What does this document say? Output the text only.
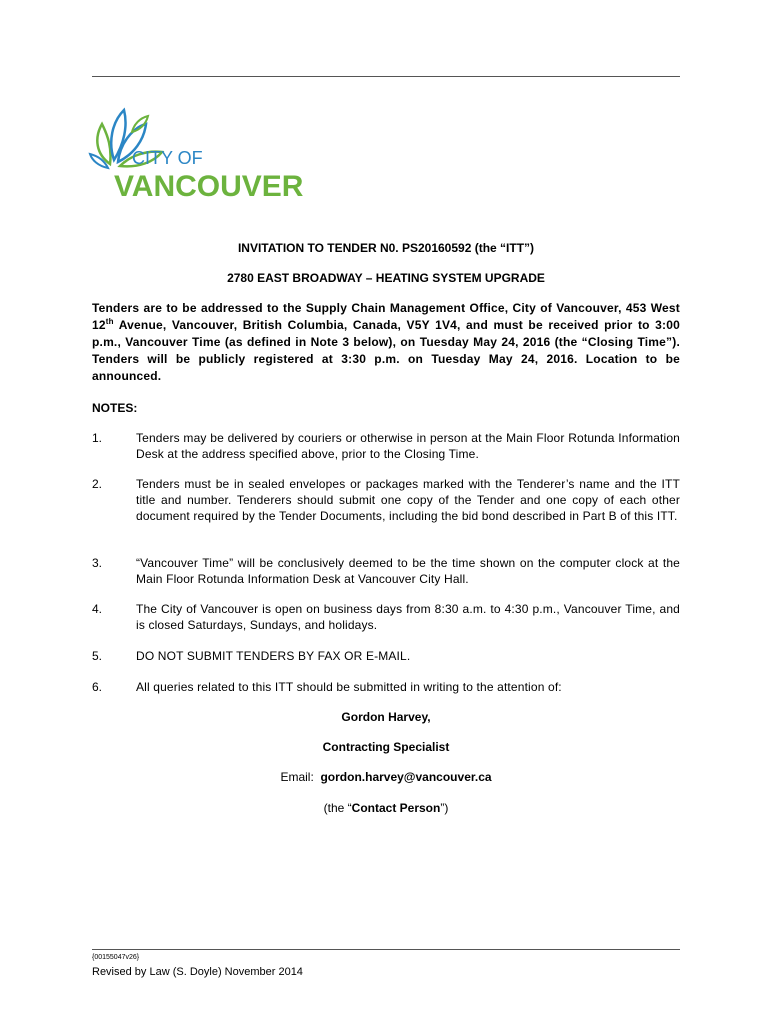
CITY OF
VANCOUVER
INVITATION TO TENDER N0. PS20160592 (the “ITT”)
2780 EAST BROADWAY – HEATING SYSTEM UPGRADE
Tenders are to be addressed to the Supply Chain Management Office, City of Vancouver, 453 West 12th Avenue, Vancouver, British Columbia, Canada, V5Y 1V4, and must be received prior to 3:00 p.m., Vancouver Time (as defined in Note 3 below), on Tuesday May 24, 2016 (the “Closing Time”). Tenders will be publicly registered at 3:30 p.m. on Tuesday May 24, 2016. Location to be announced.
NOTES:
1.	Tenders may be delivered by couriers or otherwise in person at the Main Floor Rotunda Information Desk at the address specified above, prior to the Closing Time.
2.	Tenders must be in sealed envelopes or packages marked with the Tenderer’s name and the ITT title and number. Tenderers should submit one copy of the Tender and one copy of each other document required by the Tender Documents, including the bid bond described in Part B of this ITT.
3.	“Vancouver Time” will be conclusively deemed to be the time shown on the computer clock at the Main Floor Rotunda Information Desk at Vancouver City Hall.
4.	The City of Vancouver is open on business days from 8:30 a.m. to 4:30 p.m., Vancouver Time, and is closed Saturdays, Sundays, and holidays.
5.	DO NOT SUBMIT TENDERS BY FAX OR E-MAIL.
6.	All queries related to this ITT should be submitted in writing to the attention of:
Gordon Harvey,
Contracting Specialist
Email:  gordon.harvey@vancouver.ca
(the “Contact Person”)
{00155047v26}
Revised by Law (S. Doyle) November 2014
